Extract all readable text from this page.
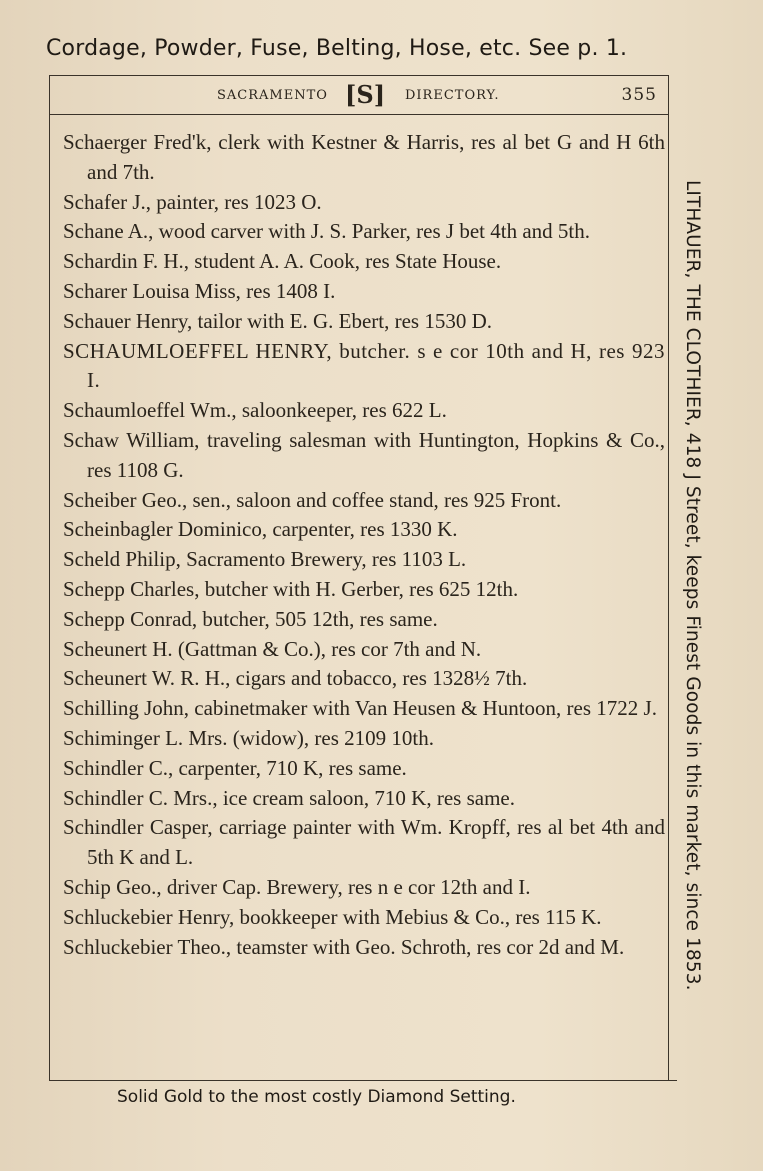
Cordage, Powder, Fuse, Belting, Hose, etc. See p. 1.
SACRAMENTO [S] DIRECTORY.	355
Schaerger Fred'k, clerk with Kestner & Harris, res al bet G and H 6th and 7th.
Schafer J., painter, res 1023 O.
Schane A., wood carver with J. S. Parker, res J bet 4th and 5th.
Schardin F. H., student A. A. Cook, res State House.
Scharer Louisa Miss, res 1408 I.
Schauer Henry, tailor with E. G. Ebert, res 1530 D.
SCHAUMLOEFFEL HENRY, butcher. s e cor 10th and H, res 923 I.
Schaumloeffel Wm., saloonkeeper, res 622 L.
Schaw William, traveling salesman with Huntington, Hopkins & Co., res 1108 G.
Scheiber Geo., sen., saloon and coffee stand, res 925 Front.
Scheinbagler Dominico, carpenter, res 1330 K.
Scheld Philip, Sacramento Brewery, res 1103 L.
Schepp Charles, butcher with H. Gerber, res 625 12th.
Schepp Conrad, butcher, 505 12th, res same.
Scheunert H. (Gattman & Co.), res cor 7th and N.
Scheunert W. R. H., cigars and tobacco, res 1328½ 7th.
Schilling John, cabinetmaker with Van Heusen & Huntoon, res 1722 J.
Schiminger L. Mrs. (widow), res 2109 10th.
Schindler C., carpenter, 710 K, res same.
Schindler C. Mrs., ice cream saloon, 710 K, res same.
Schindler Casper, carriage painter with Wm. Kropff, res al bet 4th and 5th K and L.
Schip Geo., driver Cap. Brewery, res n e cor 12th and I.
Schluckebier Henry, bookkeeper with Mebius & Co., res 115 K.
Schluckebier Theo., teamster with Geo. Schroth, res cor 2d and M.	LITHAUER, THE CLOTHIER, 418 J Street, keeps Finest Goods in this market, since 1853.
Solid Gold to the most costly Diamond Setting.
